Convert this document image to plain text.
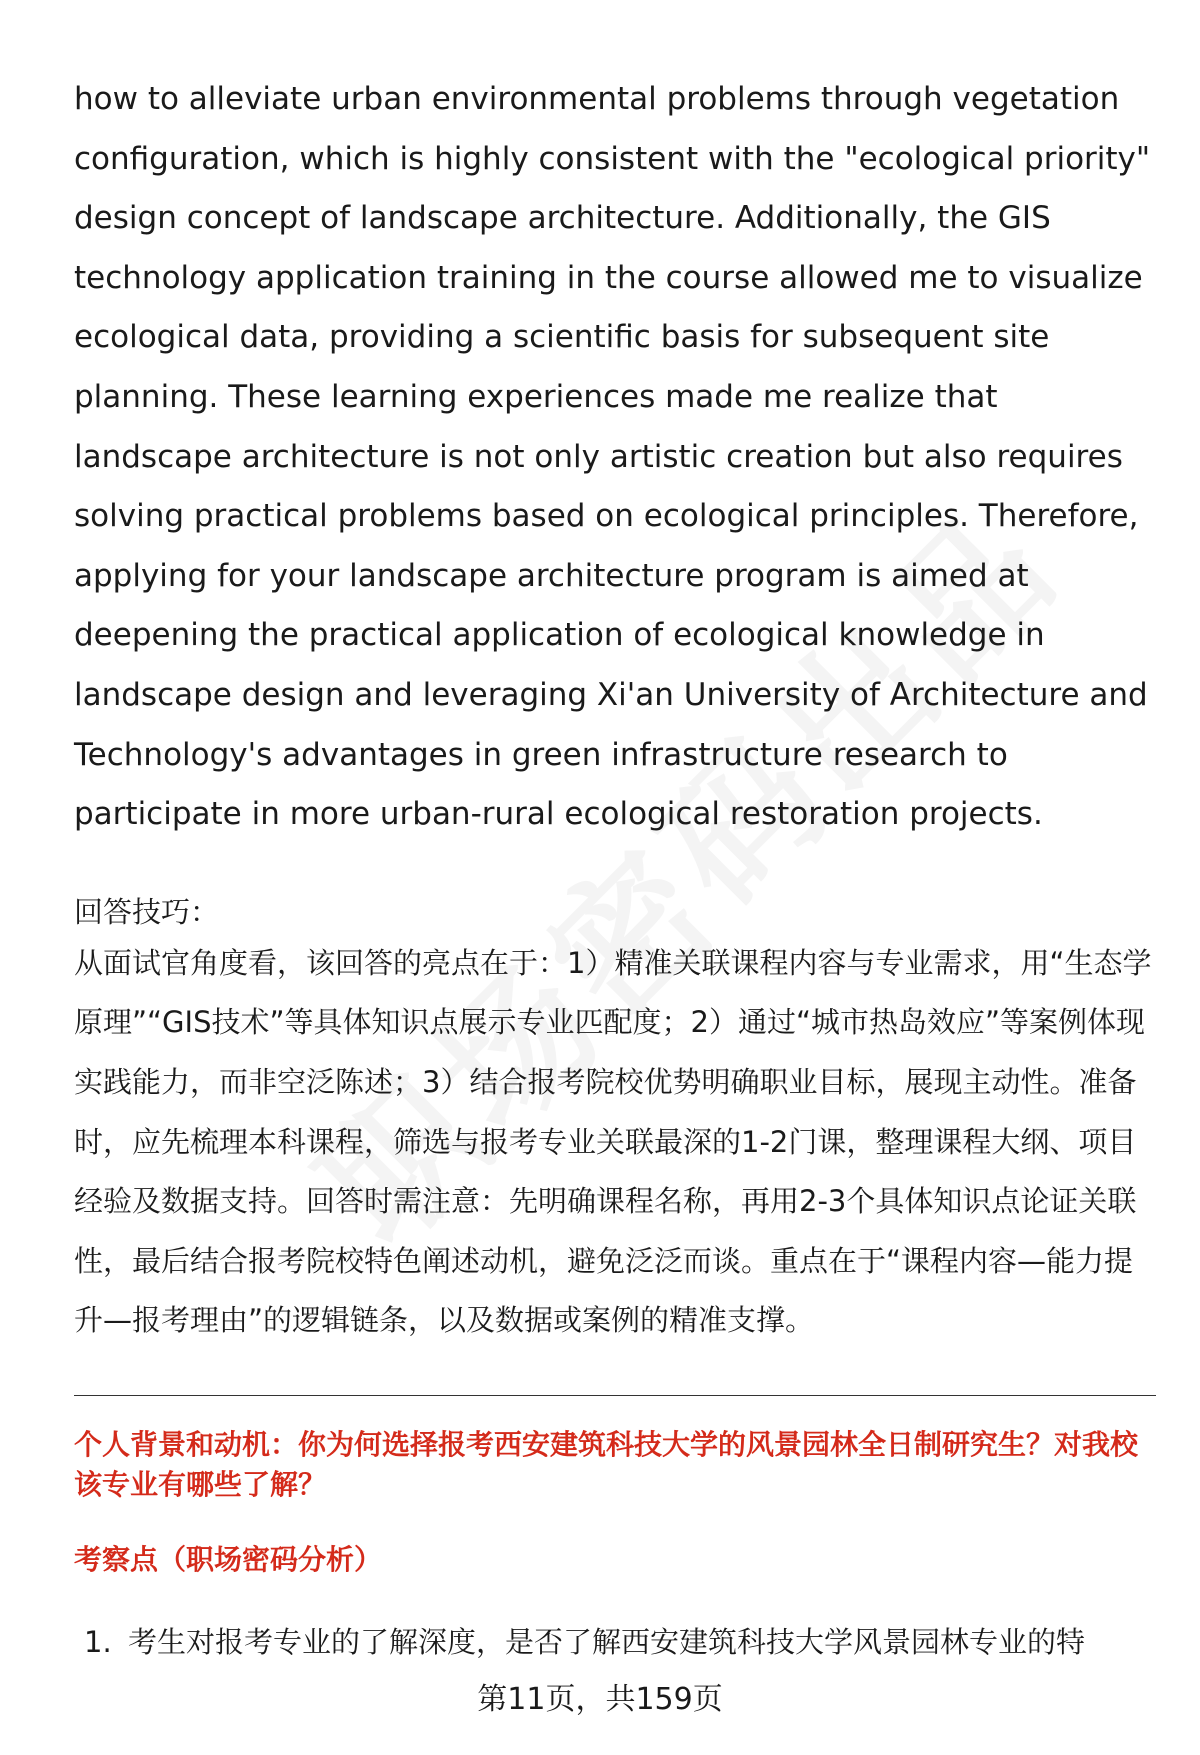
how to alleviate urban environmental problems through vegetation configuration, which is highly consistent with the "ecological priority" design concept of landscape architecture. Additionally, the GIS technology application training in the course allowed me to visualize ecological data, providing a scientific basis for subsequent site planning. These learning experiences made me realize that landscape architecture is not only artistic creation but also requires solving practical problems based on ecological principles. Therefore, applying for your landscape architecture program is aimed at deepening the practical application of ecological knowledge in landscape design and leveraging Xi'an University of Architecture and Technology's advantages in green infrastructure research to participate in more urban-rural ecological restoration projects.

回答技巧：

从面试官角度看，该回答的亮点在于：1）精准关联课程内容与专业需求，用“生态学原理”“GIS技术”等具体知识点展示专业匹配度；2）通过“城市热岛效应”等案例体现实践能力，而非空泛陈述；3）结合报考院校优势明确职业目标，展现主动性。准备时，应先梳理本科课程，筛选与报考专业关联最深的1-2门课，整理课程大纲、项目经验及数据支持。回答时需注意：先明确课程名称，再用2-3个具体知识点论证关联性，最后结合报考院校特色阐述动机，避免泛泛而谈。重点在于“课程内容—能力提升—报考理由”的逻辑链条，以及数据或案例的精准支撑。

个人背景和动机：你为何选择报考西安建筑科技大学的风景园林全日制研究生？对我校该专业有哪些了解？

考察点（职场密码分析）

1. 考生对报考专业的了解深度，是否了解西安建筑科技大学风景园林专业的特

第11页，共159页
